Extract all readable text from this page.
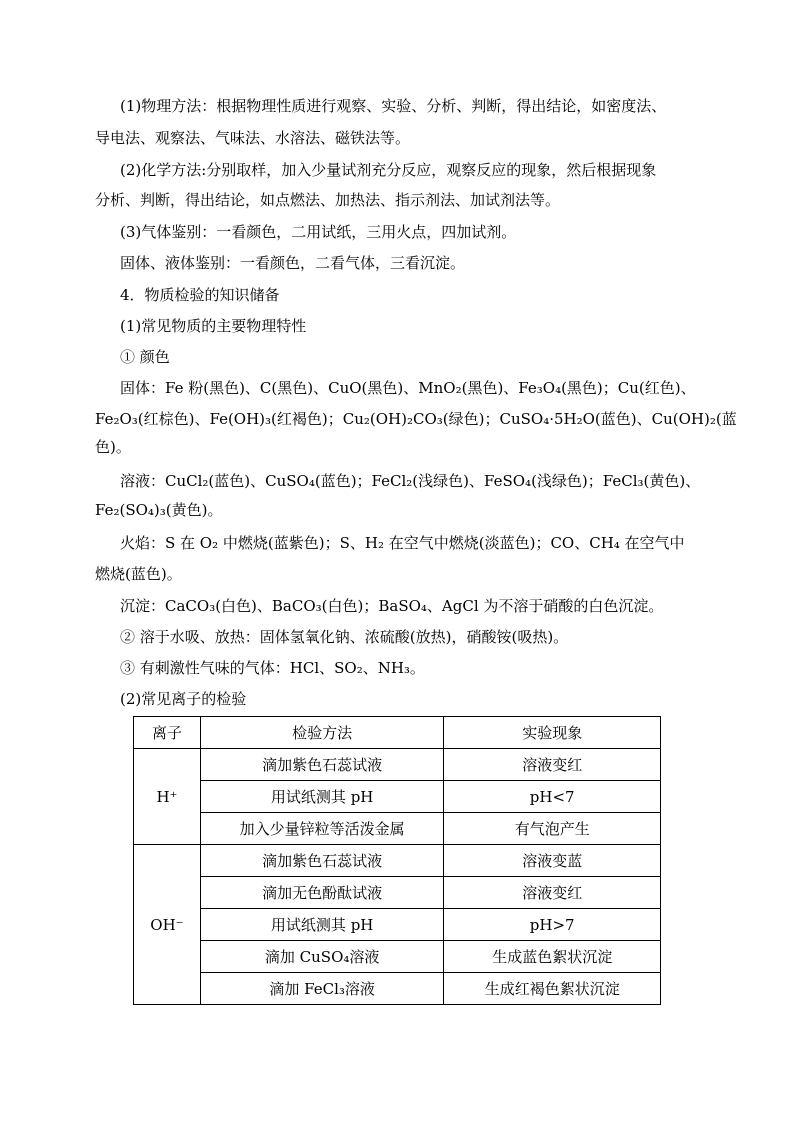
(1)物理方法：根据物理性质进行观察、实验、分析、判断，得出结论，如密度法、

导电法、观察法、气味法、水溶法、磁铁法等。

(2)化学方法:分别取样，加入少量试剂充分反应，观察反应的现象，然后根据现象

分析、判断，得出结论，如点燃法、加热法、指示剂法、加试剂法等。

(3)气体鉴别：一看颜色，二用试纸，三用火点，四加试剂。

固体、液体鉴别：一看颜色，二看气体，三看沉淀。

4．物质检验的知识储备

(1)常见物质的主要物理特性

① 颜色

固体：Fe 粉(黑色)、C(黑色)、CuO(黑色)、MnO₂(黑色)、Fe₃O₄(黑色)；Cu(红色)、

Fe₂O₃(红棕色)、Fe(OH)₃(红褐色)；Cu₂(OH)₂CO₃(绿色)；CuSO₄·5H₂O(蓝色)、Cu(OH)₂(蓝

色)。

溶液：CuCl₂(蓝色)、CuSO₄(蓝色)；FeCl₂(浅绿色)、FeSO₄(浅绿色)；FeCl₃(黄色)、

Fe₂(SO₄)₃(黄色)。

火焰：S 在 O₂ 中燃烧(蓝紫色)；S、H₂ 在空气中燃烧(淡蓝色)；CO、CH₄ 在空气中

燃烧(蓝色)。

沉淀：CaCO₃(白色)、BaCO₃(白色)；BaSO₄、AgCl 为不溶于硝酸的白色沉淀。

② 溶于水吸、放热：固体氢氧化钠、浓硫酸(放热)，硝酸铵(吸热)。

③ 有刺激性气味的气体：HCl、SO₂、NH₃。

(2)常见离子的检验

离子	检验方法	实验现象
H⁺	滴加紫色石蕊试液	溶液变红
	用试纸测其 pH	pH<7
	加入少量锌粒等活泼金属	有气泡产生
OH⁻	滴加紫色石蕊试液	溶液变蓝
	滴加无色酚酞试液	溶液变红
	用试纸测其 pH	pH>7
	滴加 CuSO₄溶液	生成蓝色絮状沉淀
	滴加 FeCl₃溶液	生成红褐色絮状沉淀
